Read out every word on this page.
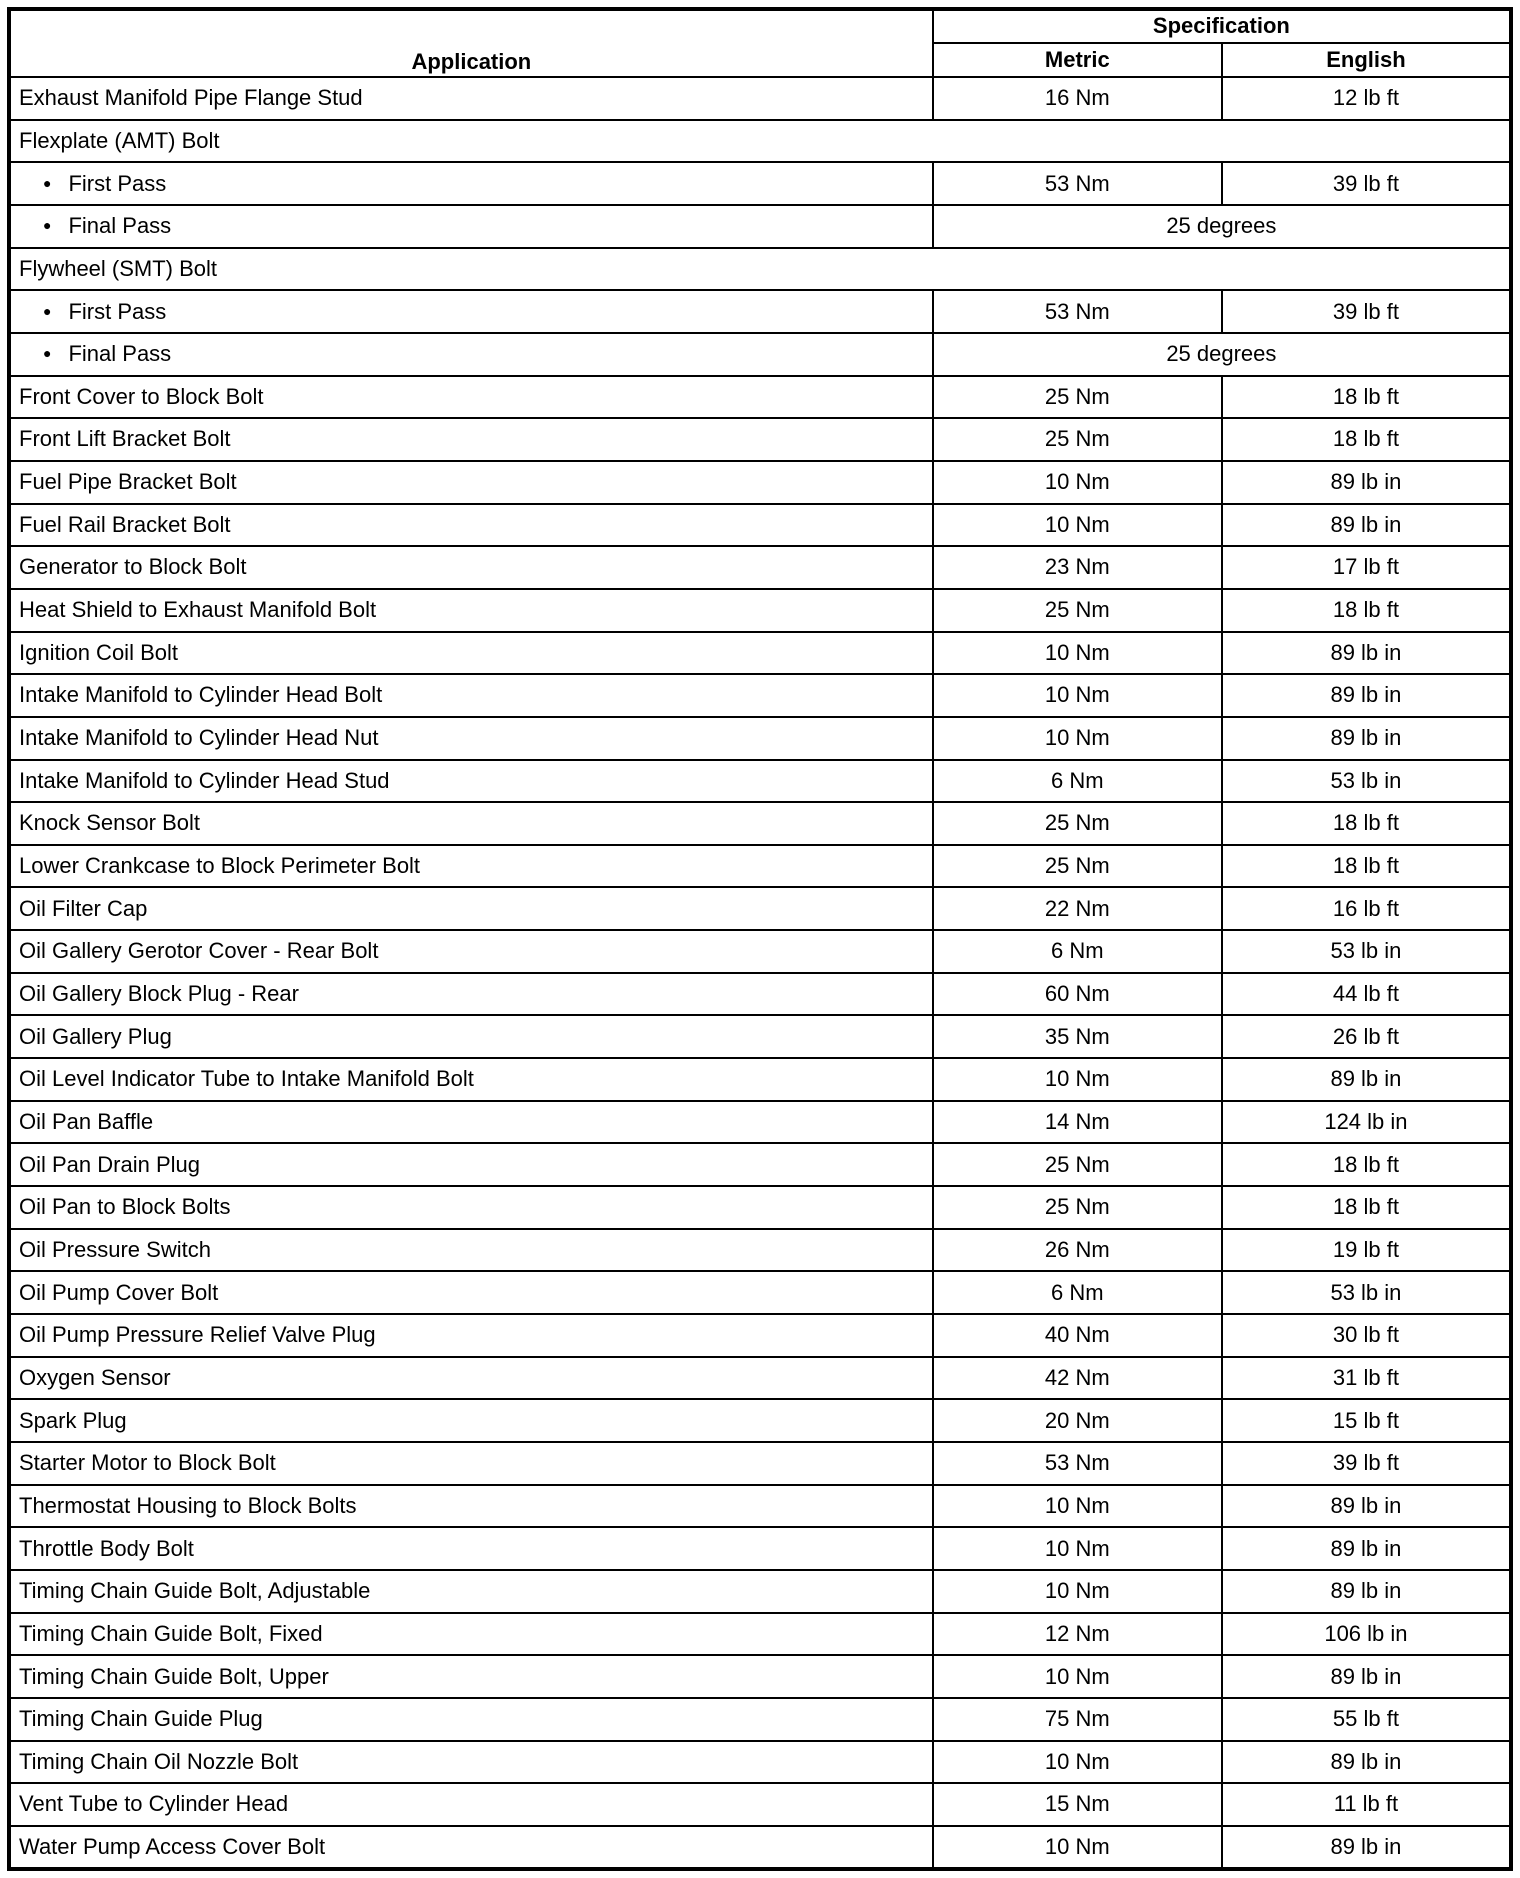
Application	Specification	
	Metric	English
Exhaust Manifold Pipe Flange Stud	16 Nm	12 lb ft
Flexplate (AMT) Bolt		
● First Pass	53 Nm	39 lb ft
● Final Pass	25 degrees	
Flywheel (SMT) Bolt		
● First Pass	53 Nm	39 lb ft
● Final Pass	25 degrees	
Front Cover to Block Bolt	25 Nm	18 lb ft
Front Lift Bracket Bolt	25 Nm	18 lb ft
Fuel Pipe Bracket Bolt	10 Nm	89 lb in
Fuel Rail Bracket Bolt	10 Nm	89 lb in
Generator to Block Bolt	23 Nm	17 lb ft
Heat Shield to Exhaust Manifold Bolt	25 Nm	18 lb ft
Ignition Coil Bolt	10 Nm	89 lb in
Intake Manifold to Cylinder Head Bolt	10 Nm	89 lb in
Intake Manifold to Cylinder Head Nut	10 Nm	89 lb in
Intake Manifold to Cylinder Head Stud	6 Nm	53 lb in
Knock Sensor Bolt	25 Nm	18 lb ft
Lower Crankcase to Block Perimeter Bolt	25 Nm	18 lb ft
Oil Filter Cap	22 Nm	16 lb ft
Oil Gallery Gerotor Cover - Rear Bolt	6 Nm	53 lb in
Oil Gallery Block Plug - Rear	60 Nm	44 lb ft
Oil Gallery Plug	35 Nm	26 lb ft
Oil Level Indicator Tube to Intake Manifold Bolt	10 Nm	89 lb in
Oil Pan Baffle	14 Nm	124 lb in
Oil Pan Drain Plug	25 Nm	18 lb ft
Oil Pan to Block Bolts	25 Nm	18 lb ft
Oil Pressure Switch	26 Nm	19 lb ft
Oil Pump Cover Bolt	6 Nm	53 lb in
Oil Pump Pressure Relief Valve Plug	40 Nm	30 lb ft
Oxygen Sensor	42 Nm	31 lb ft
Spark Plug	20 Nm	15 lb ft
Starter Motor to Block Bolt	53 Nm	39 lb ft
Thermostat Housing to Block Bolts	10 Nm	89 lb in
Throttle Body Bolt	10 Nm	89 lb in
Timing Chain Guide Bolt, Adjustable	10 Nm	89 lb in
Timing Chain Guide Bolt, Fixed	12 Nm	106 lb in
Timing Chain Guide Bolt, Upper	10 Nm	89 lb in
Timing Chain Guide Plug	75 Nm	55 lb ft
Timing Chain Oil Nozzle Bolt	10 Nm	89 lb in
Vent Tube to Cylinder Head	15 Nm	11 lb ft
Water Pump Access Cover Bolt	10 Nm	89 lb in
